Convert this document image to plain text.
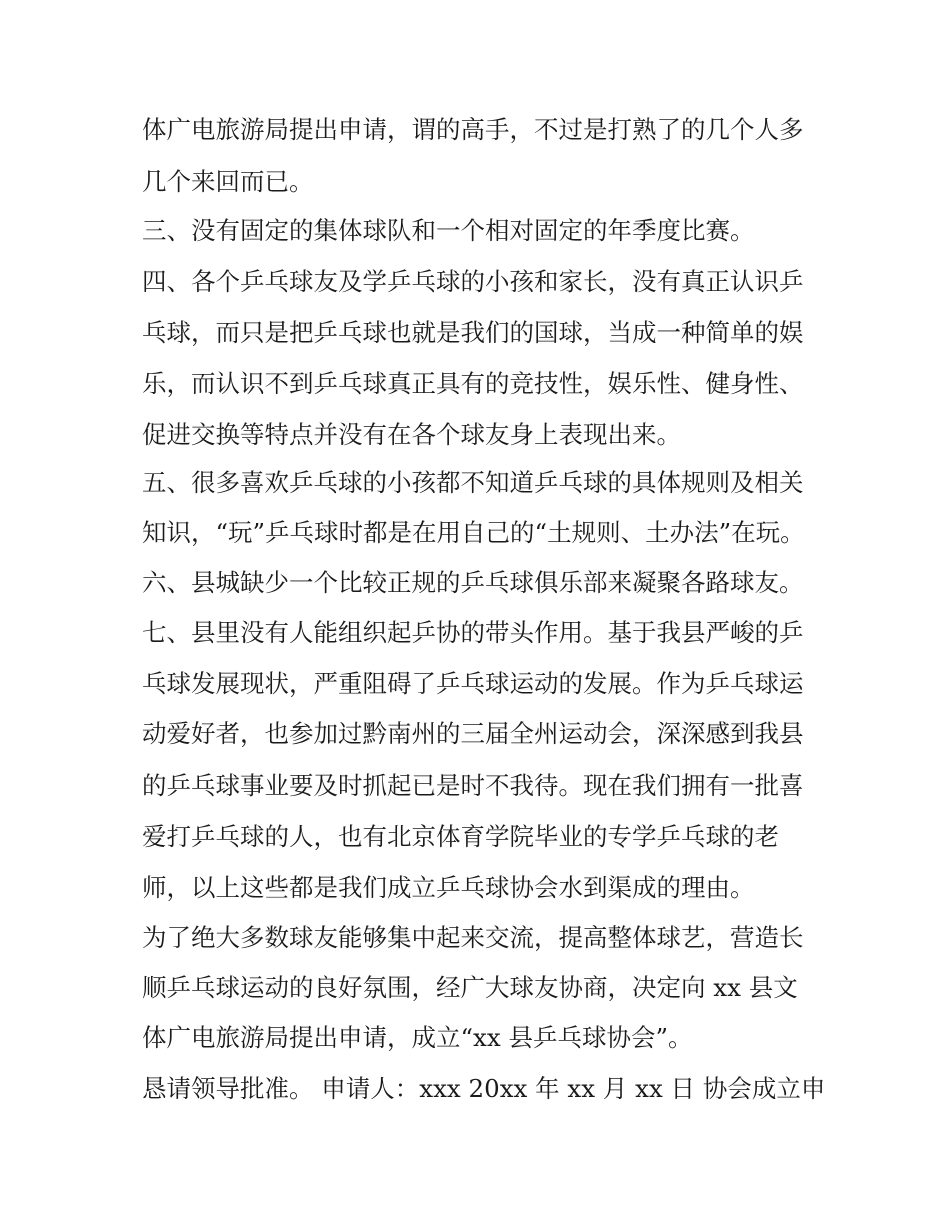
体广电旅游局提出申请，谓的高手，不过是打熟了的几个人多
几个来回而已。
三、没有固定的集体球队和一个相对固定的年季度比赛。
四、各个乒乓球友及学乒乓球的小孩和家长，没有真正认识乒
乓球，而只是把乒乓球也就是我们的国球，当成一种简单的娱
乐，而认识不到乒乓球真正具有的竞技性，娱乐性、健身性、
促进交换等特点并没有在各个球友身上表现出来。
五、很多喜欢乒乓球的小孩都不知道乒乓球的具体规则及相关
知识，“玩”乒乓球时都是在用自己的“土规则、土办法”在玩。
六、县城缺少一个比较正规的乒乓球俱乐部来凝聚各路球友。
七、县里没有人能组织起乒协的带头作用。基于我县严峻的乒
乓球发展现状，严重阻碍了乒乓球运动的发展。作为乒乓球运
动爱好者，也参加过黔南州的三届全州运动会，深深感到我县
的乒乓球事业要及时抓起已是时不我待。现在我们拥有一批喜
爱打乒乓球的人，也有北京体育学院毕业的专学乒乓球的老
师，以上这些都是我们成立乒乓球协会水到渠成的理由。
为了绝大多数球友能够集中起来交流，提高整体球艺，营造长
顺乒乓球运动的良好氛围，经广大球友协商，决定向 xx 县文
体广电旅游局提出申请，成立“xx 县乒乓球协会”。
恳请领导批准。 申请人：xxx 20xx 年 xx 月 xx 日 协会成立申
